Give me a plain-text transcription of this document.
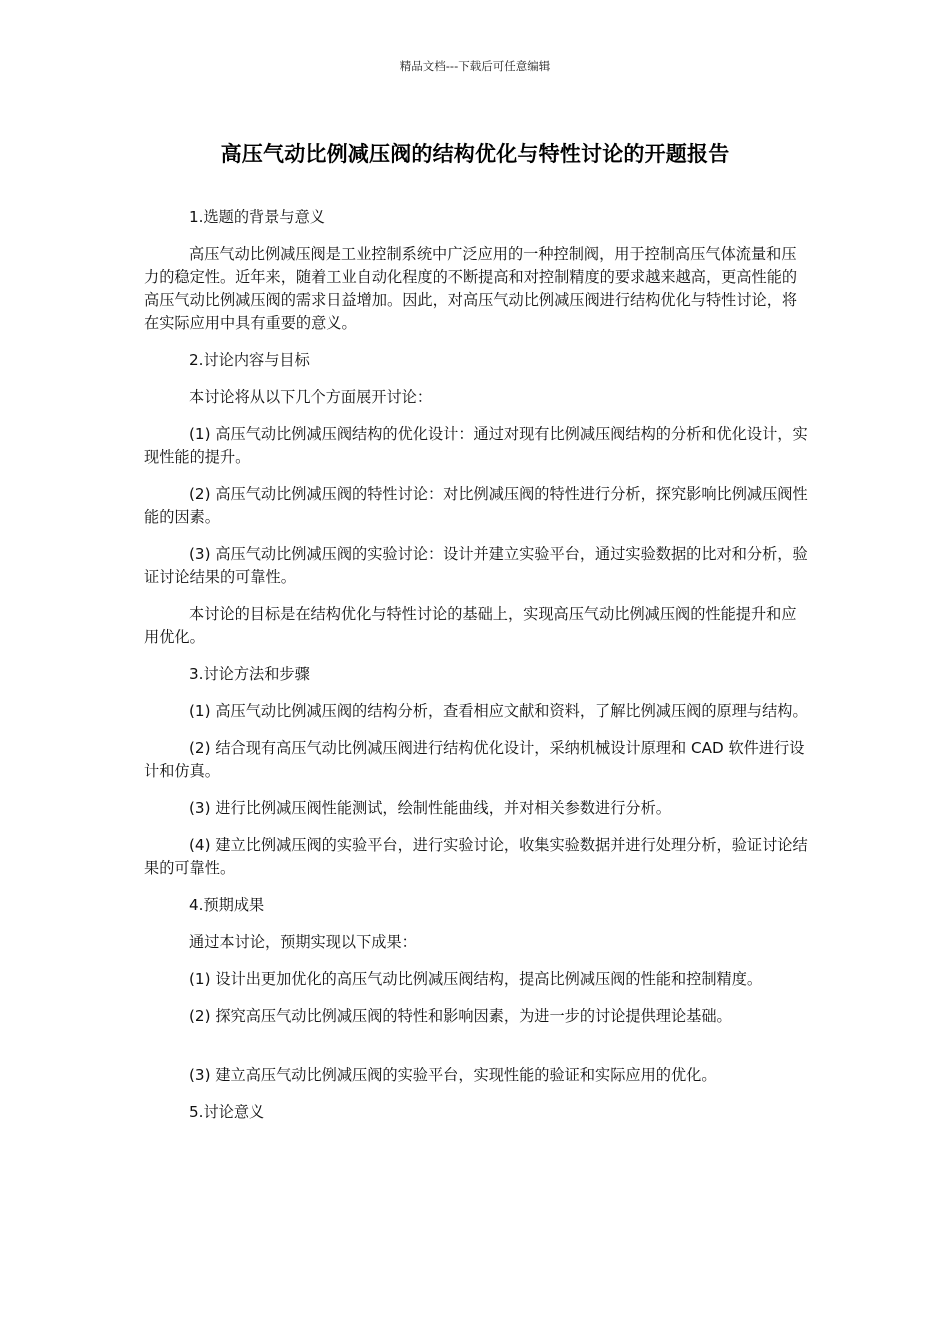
精品文档---下载后可任意编辑
高压气动比例减压阀的结构优化与特性讨论的开题报告

1.选题的背景与意义

高压气动比例减压阀是工业控制系统中广泛应用的一种控制阀，用于控制高压气体流量和压力的稳定性。近年来，随着工业自动化程度的不断提高和对控制精度的要求越来越高，更高性能的高压气动比例减压阀的需求日益增加。因此，对高压气动比例减压阀进行结构优化与特性讨论，将在实际应用中具有重要的意义。

2.讨论内容与目标

本讨论将从以下几个方面展开讨论：

(1) 高压气动比例减压阀结构的优化设计：通过对现有比例减压阀结构的分析和优化设计，实现性能的提升。

(2) 高压气动比例减压阀的特性讨论：对比例减压阀的特性进行分析，探究影响比例减压阀性能的因素。

(3) 高压气动比例减压阀的实验讨论：设计并建立实验平台，通过实验数据的比对和分析，验证讨论结果的可靠性。

本讨论的目标是在结构优化与特性讨论的基础上，实现高压气动比例减压阀的性能提升和应用优化。

3.讨论方法和步骤

(1) 高压气动比例减压阀的结构分析，查看相应文献和资料，了解比例减压阀的原理与结构。

(2) 结合现有高压气动比例减压阀进行结构优化设计，采纳机械设计原理和 CAD 软件进行设计和仿真。

(3) 进行比例减压阀性能测试，绘制性能曲线，并对相关参数进行分析。

(4) 建立比例减压阀的实验平台，进行实验讨论，收集实验数据并进行处理分析，验证讨论结果的可靠性。

4.预期成果

通过本讨论，预期实现以下成果：

(1) 设计出更加优化的高压气动比例减压阀结构，提高比例减压阀的性能和控制精度。

(2) 探究高压气动比例减压阀的特性和影响因素，为进一步的讨论提供理论基础。

(3) 建立高压气动比例减压阀的实验平台，实现性能的验证和实际应用的优化。

5.讨论意义
